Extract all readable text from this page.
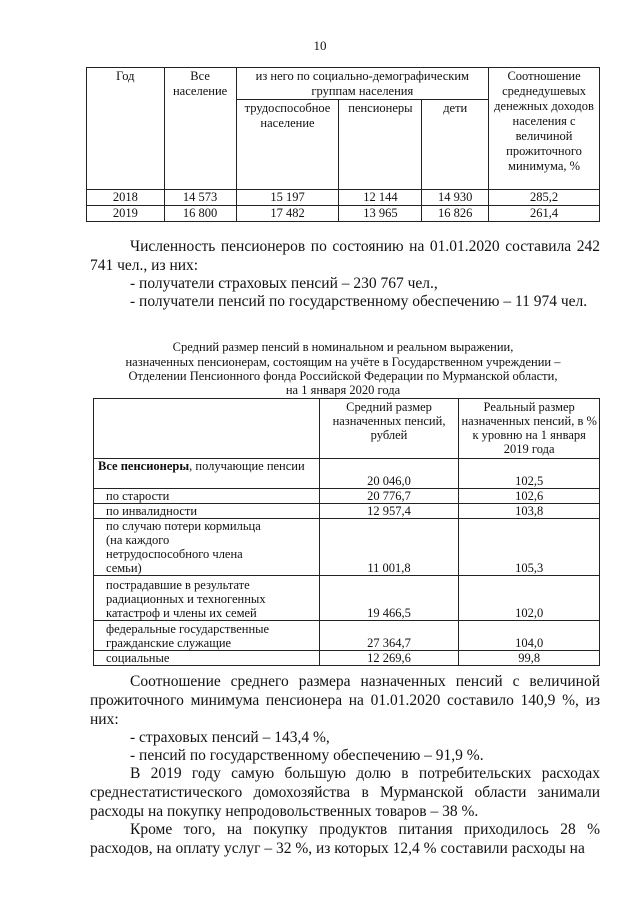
10
Год	Все население	из него по социально-демографическим группам населения			Соотношение среднедушевых денежных доходов населения с величиной прожиточного минимума, %
		трудоспособное население	пенсионеры	дети	
2018	14 573	15 197	12 144	14 930	285,2
2019	16 800	17 482	13 965	16 826	261,4
Численность пенсионеров по состоянию на 01.01.2020 составила 242 741 чел., из них:
- получатели страховых пенсий – 230 767 чел.,
- получатели пенсий по государственному обеспечению – 11 974 чел.
Средний размер пенсий в номинальном и реальном выражении,
назначенных пенсионерам, состоящим на учёте в Государственном учреждении –
Отделении Пенсионного фонда Российской Федерации по Мурманской области,
на 1 января 2020 года
	Средний размер назначенных пенсий, рублей	Реальный размер назначенных пенсий, в % к уровню на 1 января 2019 года
Все пенсионеры, получающие пенсии	20 046,0	102,5
по старости	20 776,7	102,6
по инвалидности	12 957,4	103,8
по случаю потери кормильца (на каждого нетрудоспособного члена семьи)	11 001,8	105,3
пострадавшие в результате радиационных и техногенных катастроф и члены их семей	19 466,5	102,0
федеральные государственные гражданские служащие	27 364,7	104,0
социальные	12 269,6	99,8
Соотношение среднего размера назначенных пенсий с величиной прожиточного минимума пенсионера на 01.01.2020 составило 140,9 %, из них:
- страховых пенсий – 143,4 %,
- пенсий по государственному обеспечению – 91,9 %.
В 2019 году самую большую долю в потребительских расходах среднестатистического домохозяйства в Мурманской области занимали расходы на покупку непродовольственных товаров – 38 %.
Кроме того, на покупку продуктов питания приходилось 28 % расходов, на оплату услуг – 32 %, из которых 12,4 % составили расходы на
